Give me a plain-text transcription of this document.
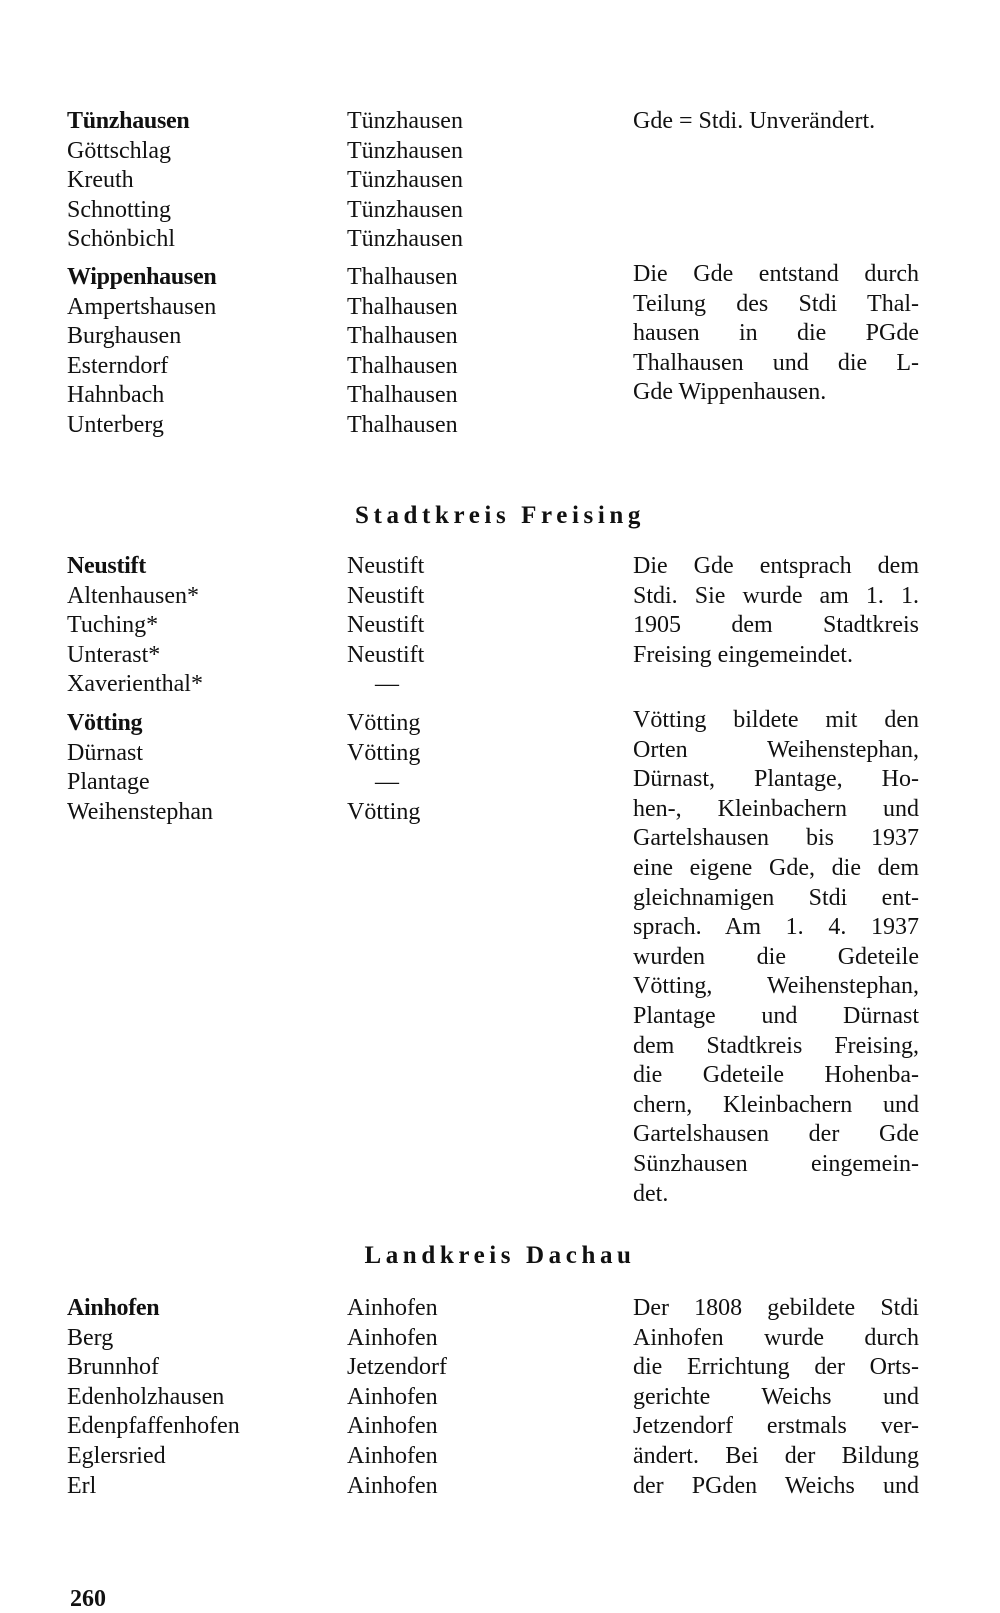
Tünzhausen
Göttschlag
Kreuth
Schnotting
Schönbichl
Tünzhausen
Tünzhausen
Tünzhausen
Tünzhausen
Tünzhausen
Gde = Stdi. Unverändert.
Wippenhausen
Ampertshausen
Burghausen
Esterndorf
Hahnbach
Unterberg
Thalhausen
Thalhausen
Thalhausen
Thalhausen
Thalhausen
Thalhausen
Die Gde entstand durch
Teilung des Stdi Thal-
hausen in die PGde
Thalhausen und die L-
Gde Wippenhausen.
Stadtkreis Freising
Neustift
Altenhausen*
Tuching*
Unterast*
Xaverienthal*
Neustift
Neustift
Neustift
Neustift
—
Die Gde entsprach dem
Stdi. Sie wurde am 1. 1.
1905 dem Stadtkreis
Freising eingemeindet.
Vötting
Dürnast
Plantage
Weihenstephan
Vötting
Vötting
—
Vötting
Vötting bildete mit den
Orten Weihenstephan,
Dürnast, Plantage, Ho-
hen-, Kleinbachern und
Gartelshausen bis 1937
eine eigene Gde, die dem
gleichnamigen Stdi ent-
sprach. Am 1. 4. 1937
wurden die Gdeteile
Vötting, Weihenstephan,
Plantage und Dürnast
dem Stadtkreis Freising,
die Gdeteile Hohenba-
chern, Kleinbachern und
Gartelshausen der Gde
Sünzhausen eingemein-
det.
Landkreis Dachau
Ainhofen
Berg
Brunnhof
Edenholzhausen
Edenpfaffenhofen
Eglersried
Erl
Ainhofen
Ainhofen
Jetzendorf
Ainhofen
Ainhofen
Ainhofen
Ainhofen
Der 1808 gebildete Stdi
Ainhofen wurde durch
die Errichtung der Orts-
gerichte Weichs und
Jetzendorf erstmals ver-
ändert. Bei der Bildung
der PGden Weichs und
260
